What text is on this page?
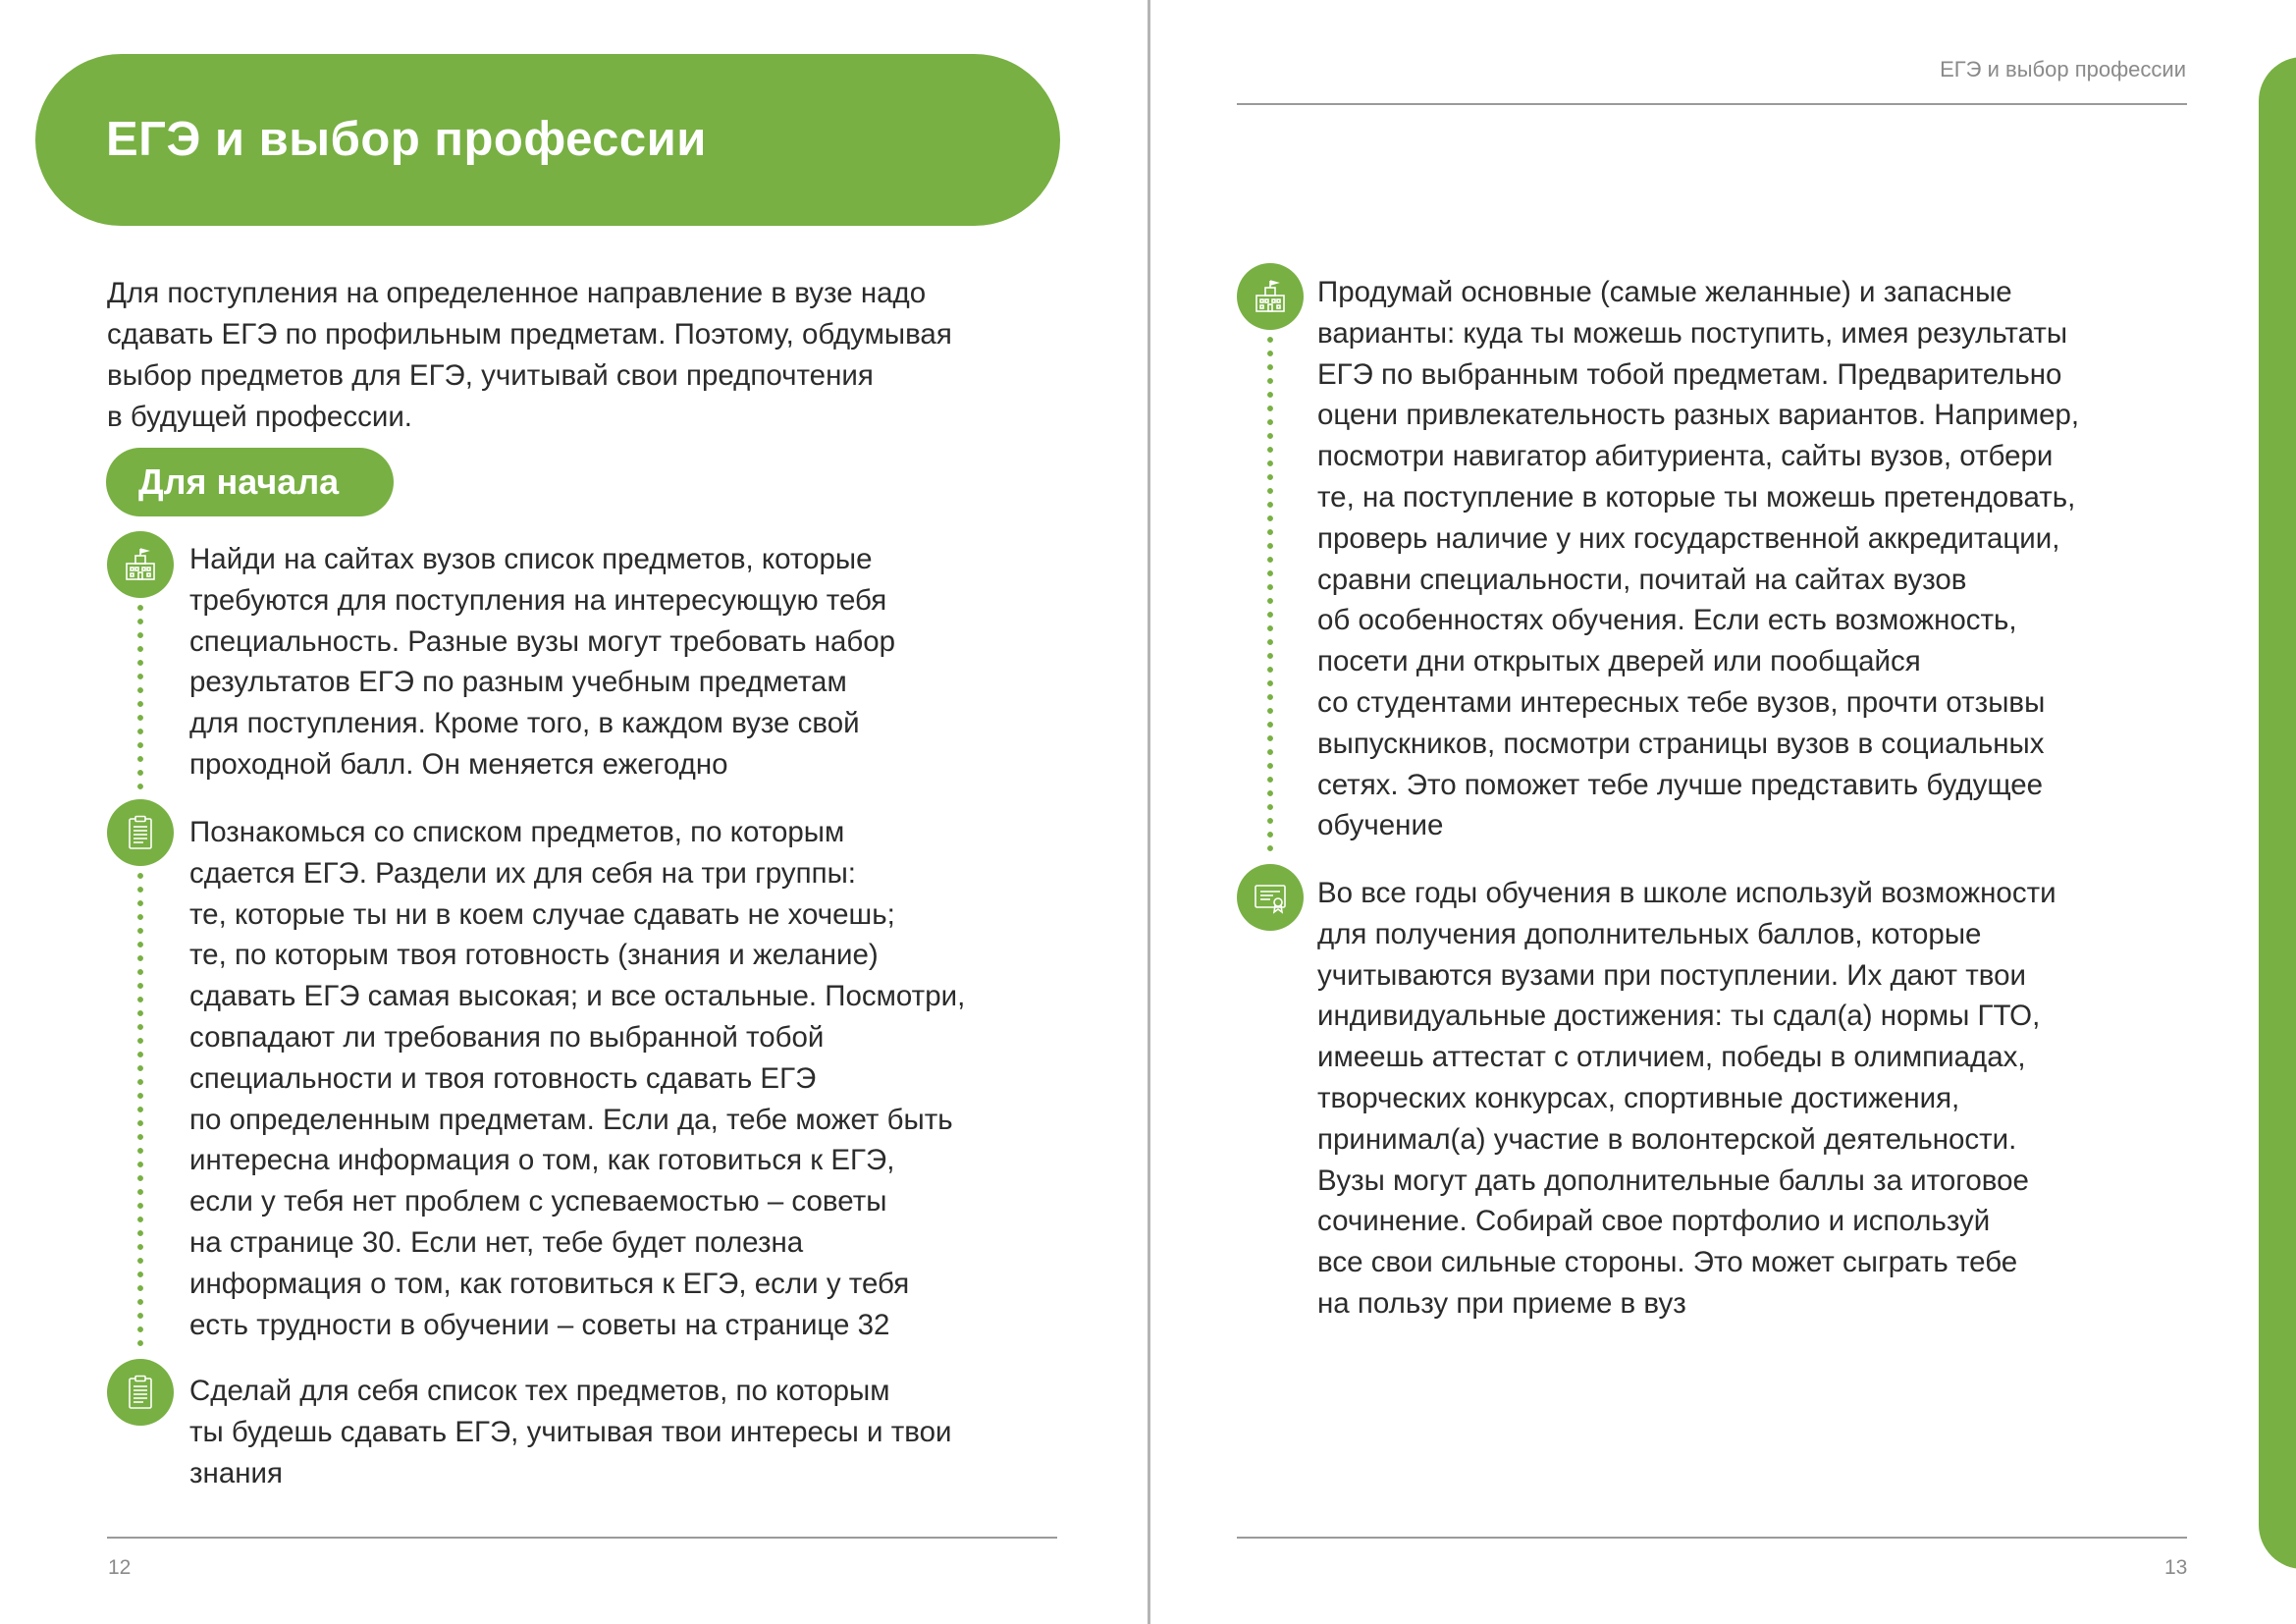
ЕГЭ и выбор профессии

Для поступления на определенное направление в вузе надо
сдавать ЕГЭ по профильным предметам. Поэтому, обдумывая
выбор предметов для ЕГЭ, учитывай свои предпочтения
в будущей профессии.

Для начала

Найди на сайтах вузов список предметов, которые
требуются для поступления на интересующую тебя
специальность. Разные вузы могут требовать набор
результатов ЕГЭ по разным учебным предметам
для поступления. Кроме того, в каждом вузе свой
проходной балл. Он меняется ежегодно

Познакомься со списком предметов, по которым
сдается ЕГЭ. Раздели их для себя на три группы:
те, которые ты ни в коем случае сдавать не хочешь;
те, по которым твоя готовность (знания и желание)
сдавать ЕГЭ самая высокая; и все остальные. Посмотри,
совпадают ли требования по выбранной тобой
специальности и твоя готовность сдавать ЕГЭ
по определенным предметам. Если да, тебе может быть
интересна информация о том, как готовиться к ЕГЭ,
если у тебя нет проблем с успеваемостью – советы
на странице 30. Если нет, тебе будет полезна
информация о том, как готовиться к ЕГЭ, если у тебя
есть трудности в обучении – советы на странице 32

Сделай для себя список тех предметов, по которым
ты будешь сдавать ЕГЭ, учитывая твои интересы и твои
знания

12
ЕГЭ и выбор профессии

Продумай основные (самые желанные) и запасные
варианты: куда ты можешь поступить, имея результаты
ЕГЭ по выбранным тобой предметам. Предварительно
оцени привлекательность разных вариантов. Например,
посмотри навигатор абитуриента, сайты вузов, отбери
те, на поступление в которые ты можешь претендовать,
проверь наличие у них государственной аккредитации,
сравни специальности, почитай на сайтах вузов
об особенностях обучения. Если есть возможность,
посети дни открытых дверей или пообщайся
со студентами интересных тебе вузов, прочти отзывы
выпускников, посмотри страницы вузов в социальных
сетях. Это поможет тебе лучше представить будущее
обучение

Во все годы обучения в школе используй возможности
для получения дополнительных баллов, которые
учитываются вузами при поступлении. Их дают твои
индивидуальные достижения: ты сдал(а) нормы ГТО,
имеешь аттестат с отличием, победы в олимпиадах,
творческих конкурсах, спортивные достижения,
принимал(а) участие в волонтерской деятельности.
Вузы могут дать дополнительные баллы за итоговое
сочинение. Собирай свое портфолио и используй
все свои сильные стороны. Это может сыграть тебе
на пользу при приеме в вуз

13
